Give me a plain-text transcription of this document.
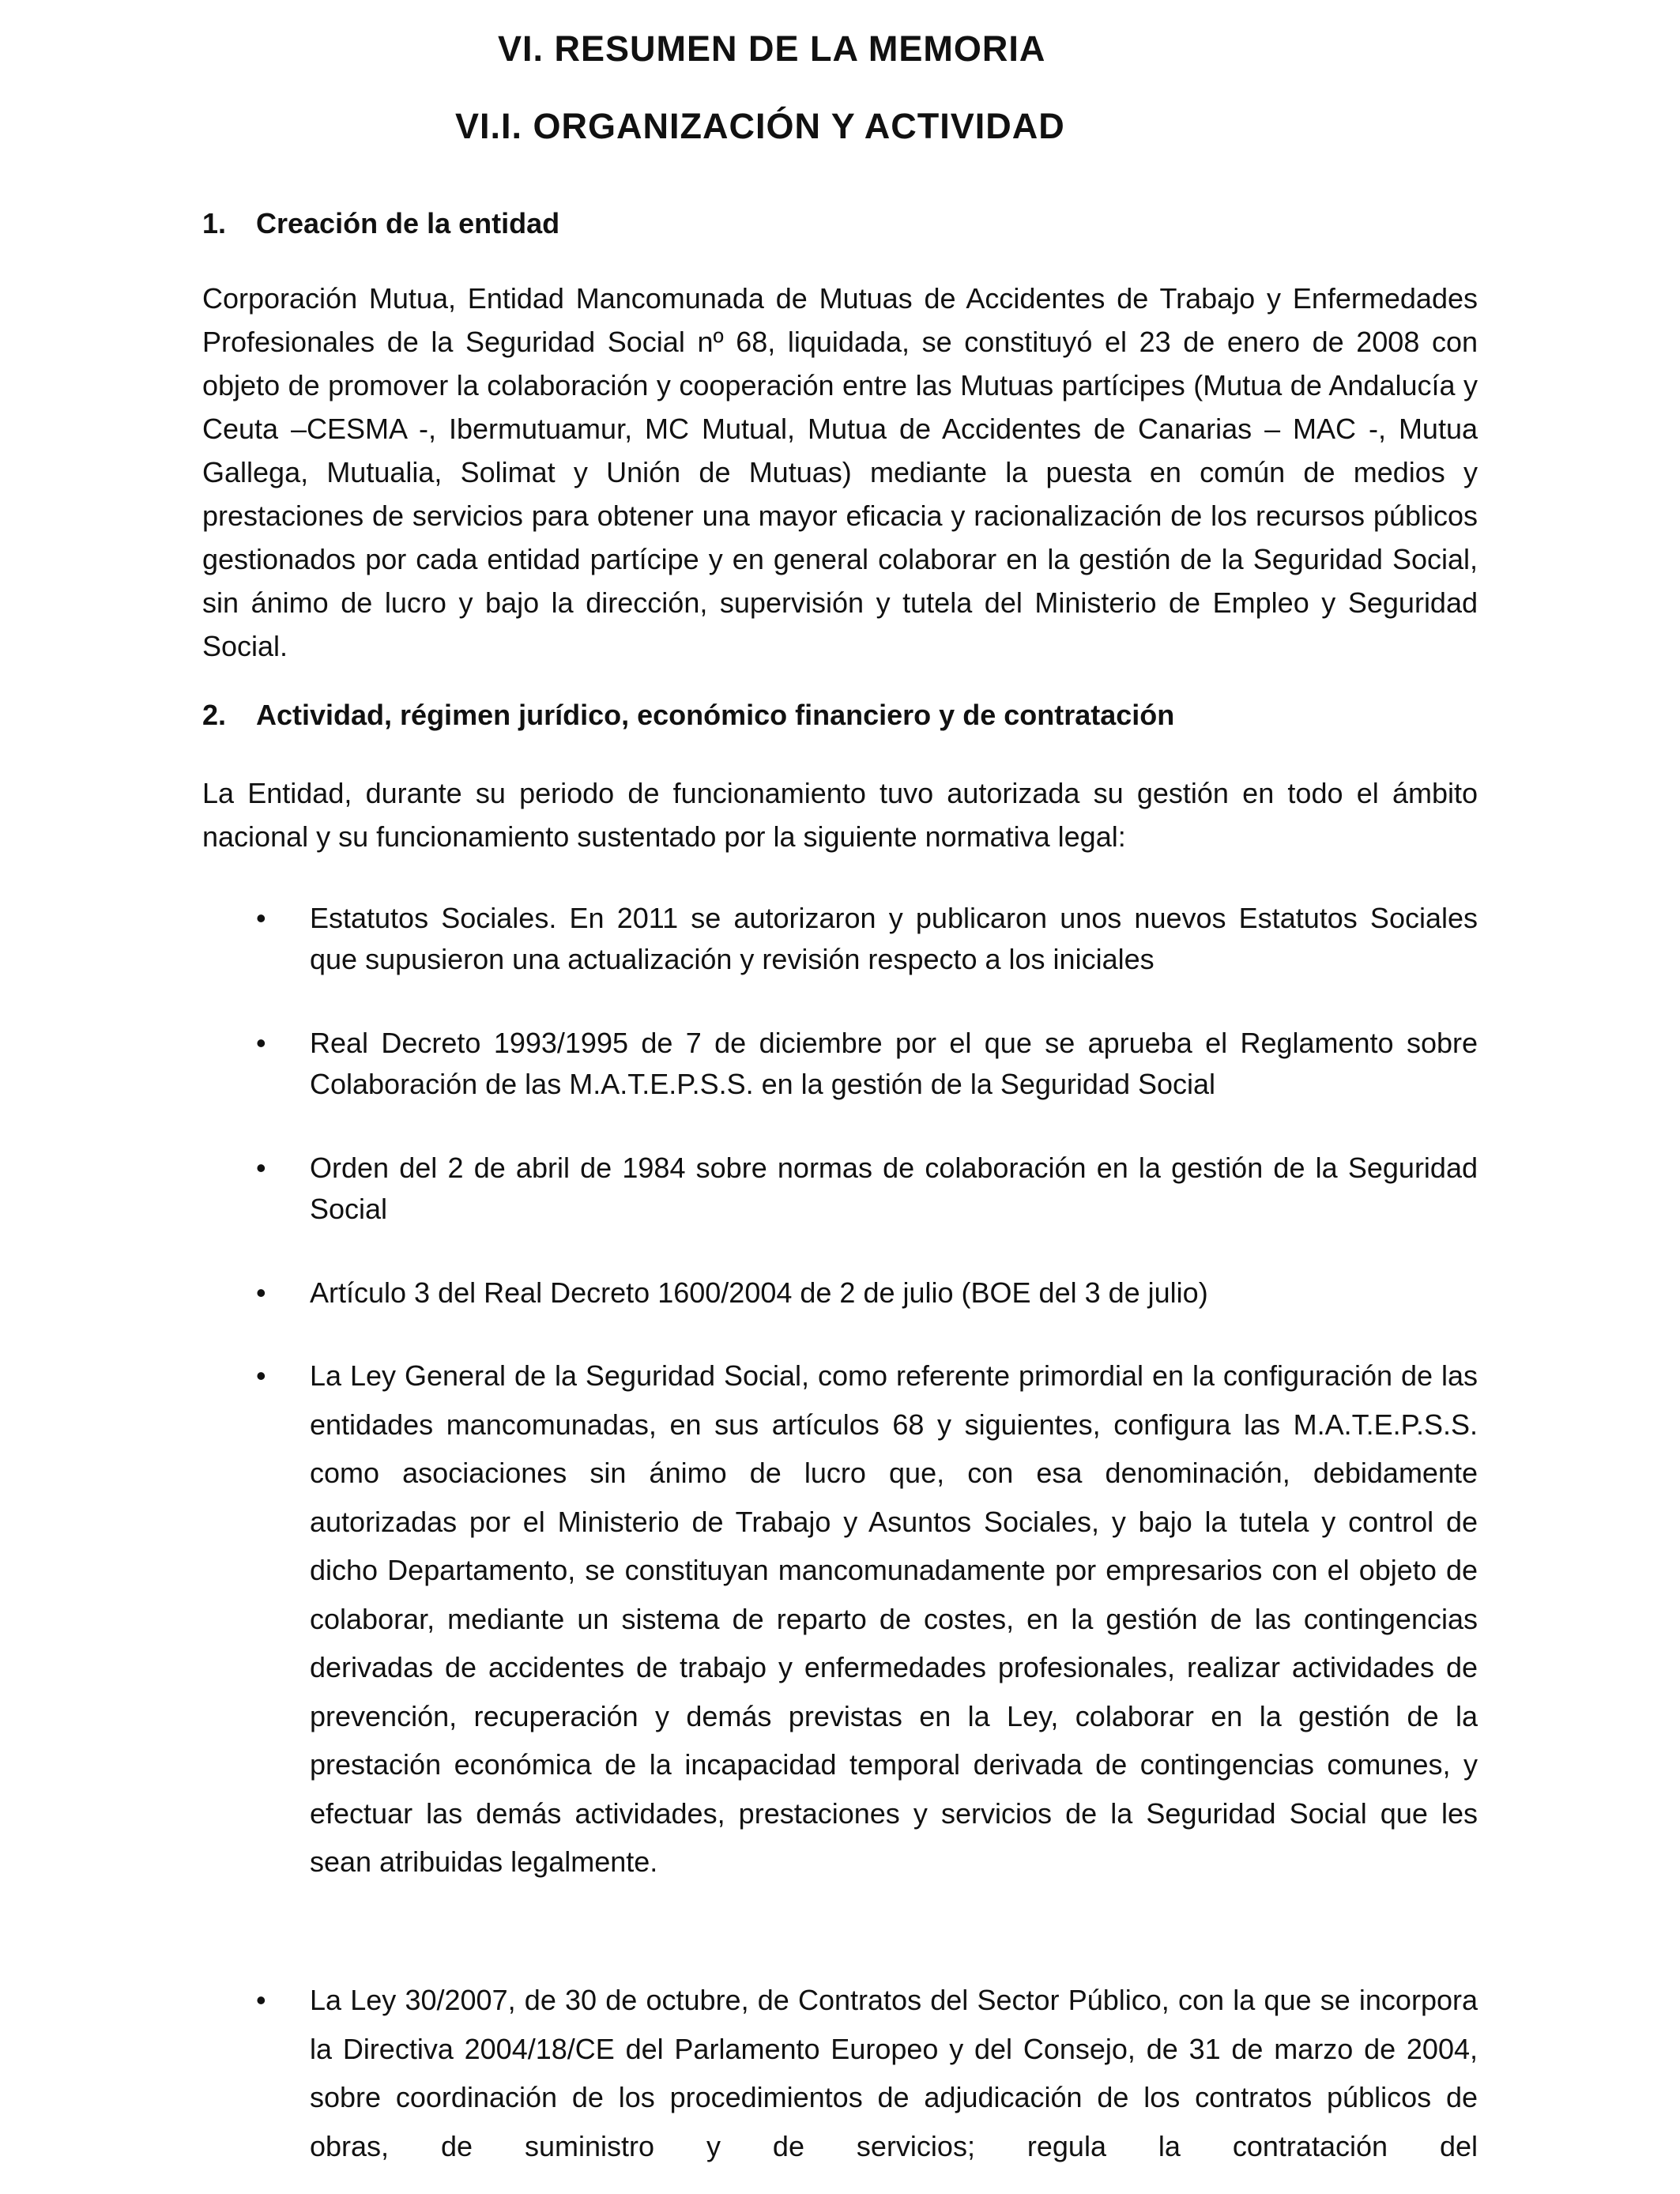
VI. RESUMEN DE LA MEMORIA
VI.I. ORGANIZACIÓN Y ACTIVIDAD
1. Creación de la entidad

Corporación Mutua, Entidad Mancomunada de Mutuas de Accidentes de Trabajo y Enfermedades Profesionales de la Seguridad Social nº 68, liquidada, se constituyó el 23 de enero de 2008 con objeto de promover la colaboración y cooperación entre las Mutuas partícipes (Mutua de Andalucía y Ceuta –CESMA -, Ibermutuamur, MC Mutual, Mutua de Accidentes de Canarias – MAC -, Mutua Gallega, Mutualia, Solimat y Unión de Mutuas) mediante la puesta en común de medios y prestaciones de servicios para obtener una mayor eficacia y racionalización de los recursos públicos gestionados por cada entidad partícipe y en general colaborar en la gestión de la Seguridad Social, sin ánimo de lucro y bajo la dirección, supervisión y tutela del Ministerio de Empleo y Seguridad Social.

2. Actividad, régimen jurídico, económico financiero y de contratación

La Entidad, durante su periodo de funcionamiento tuvo autorizada su gestión en todo el ámbito nacional y su funcionamiento sustentado por la siguiente normativa legal:

• Estatutos Sociales. En 2011 se autorizaron y publicaron unos nuevos Estatutos Sociales que supusieron una actualización y revisión respecto a los iniciales

• Real Decreto 1993/1995 de 7 de diciembre por el que se aprueba el Reglamento sobre Colaboración de las M.A.T.E.P.S.S. en la gestión de la Seguridad Social

• Orden del 2 de abril de 1984 sobre normas de colaboración en la gestión de la Seguridad Social

• Artículo 3 del Real Decreto 1600/2004 de 2 de julio (BOE del 3 de julio)

• La Ley General de la Seguridad Social, como referente primordial en la configuración de las entidades mancomunadas, en sus artículos 68 y siguientes, configura las M.A.T.E.P.S.S. como asociaciones sin ánimo de lucro que, con esa denominación, debidamente autorizadas por el Ministerio de Trabajo y Asuntos Sociales, y bajo la tutela y control de dicho Departamento, se constituyan mancomunadamente por empresarios con el objeto de colaborar, mediante un sistema de reparto de costes, en la gestión de las contingencias derivadas de accidentes de trabajo y enfermedades profesionales, realizar actividades de prevención, recuperación y demás previstas en la Ley, colaborar en la gestión de la prestación económica de la incapacidad temporal derivada de contingencias comunes, y efectuar las demás actividades, prestaciones y servicios de la Seguridad Social que les sean atribuidas legalmente.

• La Ley 30/2007, de 30 de octubre, de Contratos del Sector Público, con la que se incorpora la Directiva 2004/18/CE del Parlamento Europeo y del Consejo, de 31 de marzo de 2004, sobre coordinación de los procedimientos de adjudicación de los contratos públicos de obras, de suministro y de servicios; regula la contratación del
